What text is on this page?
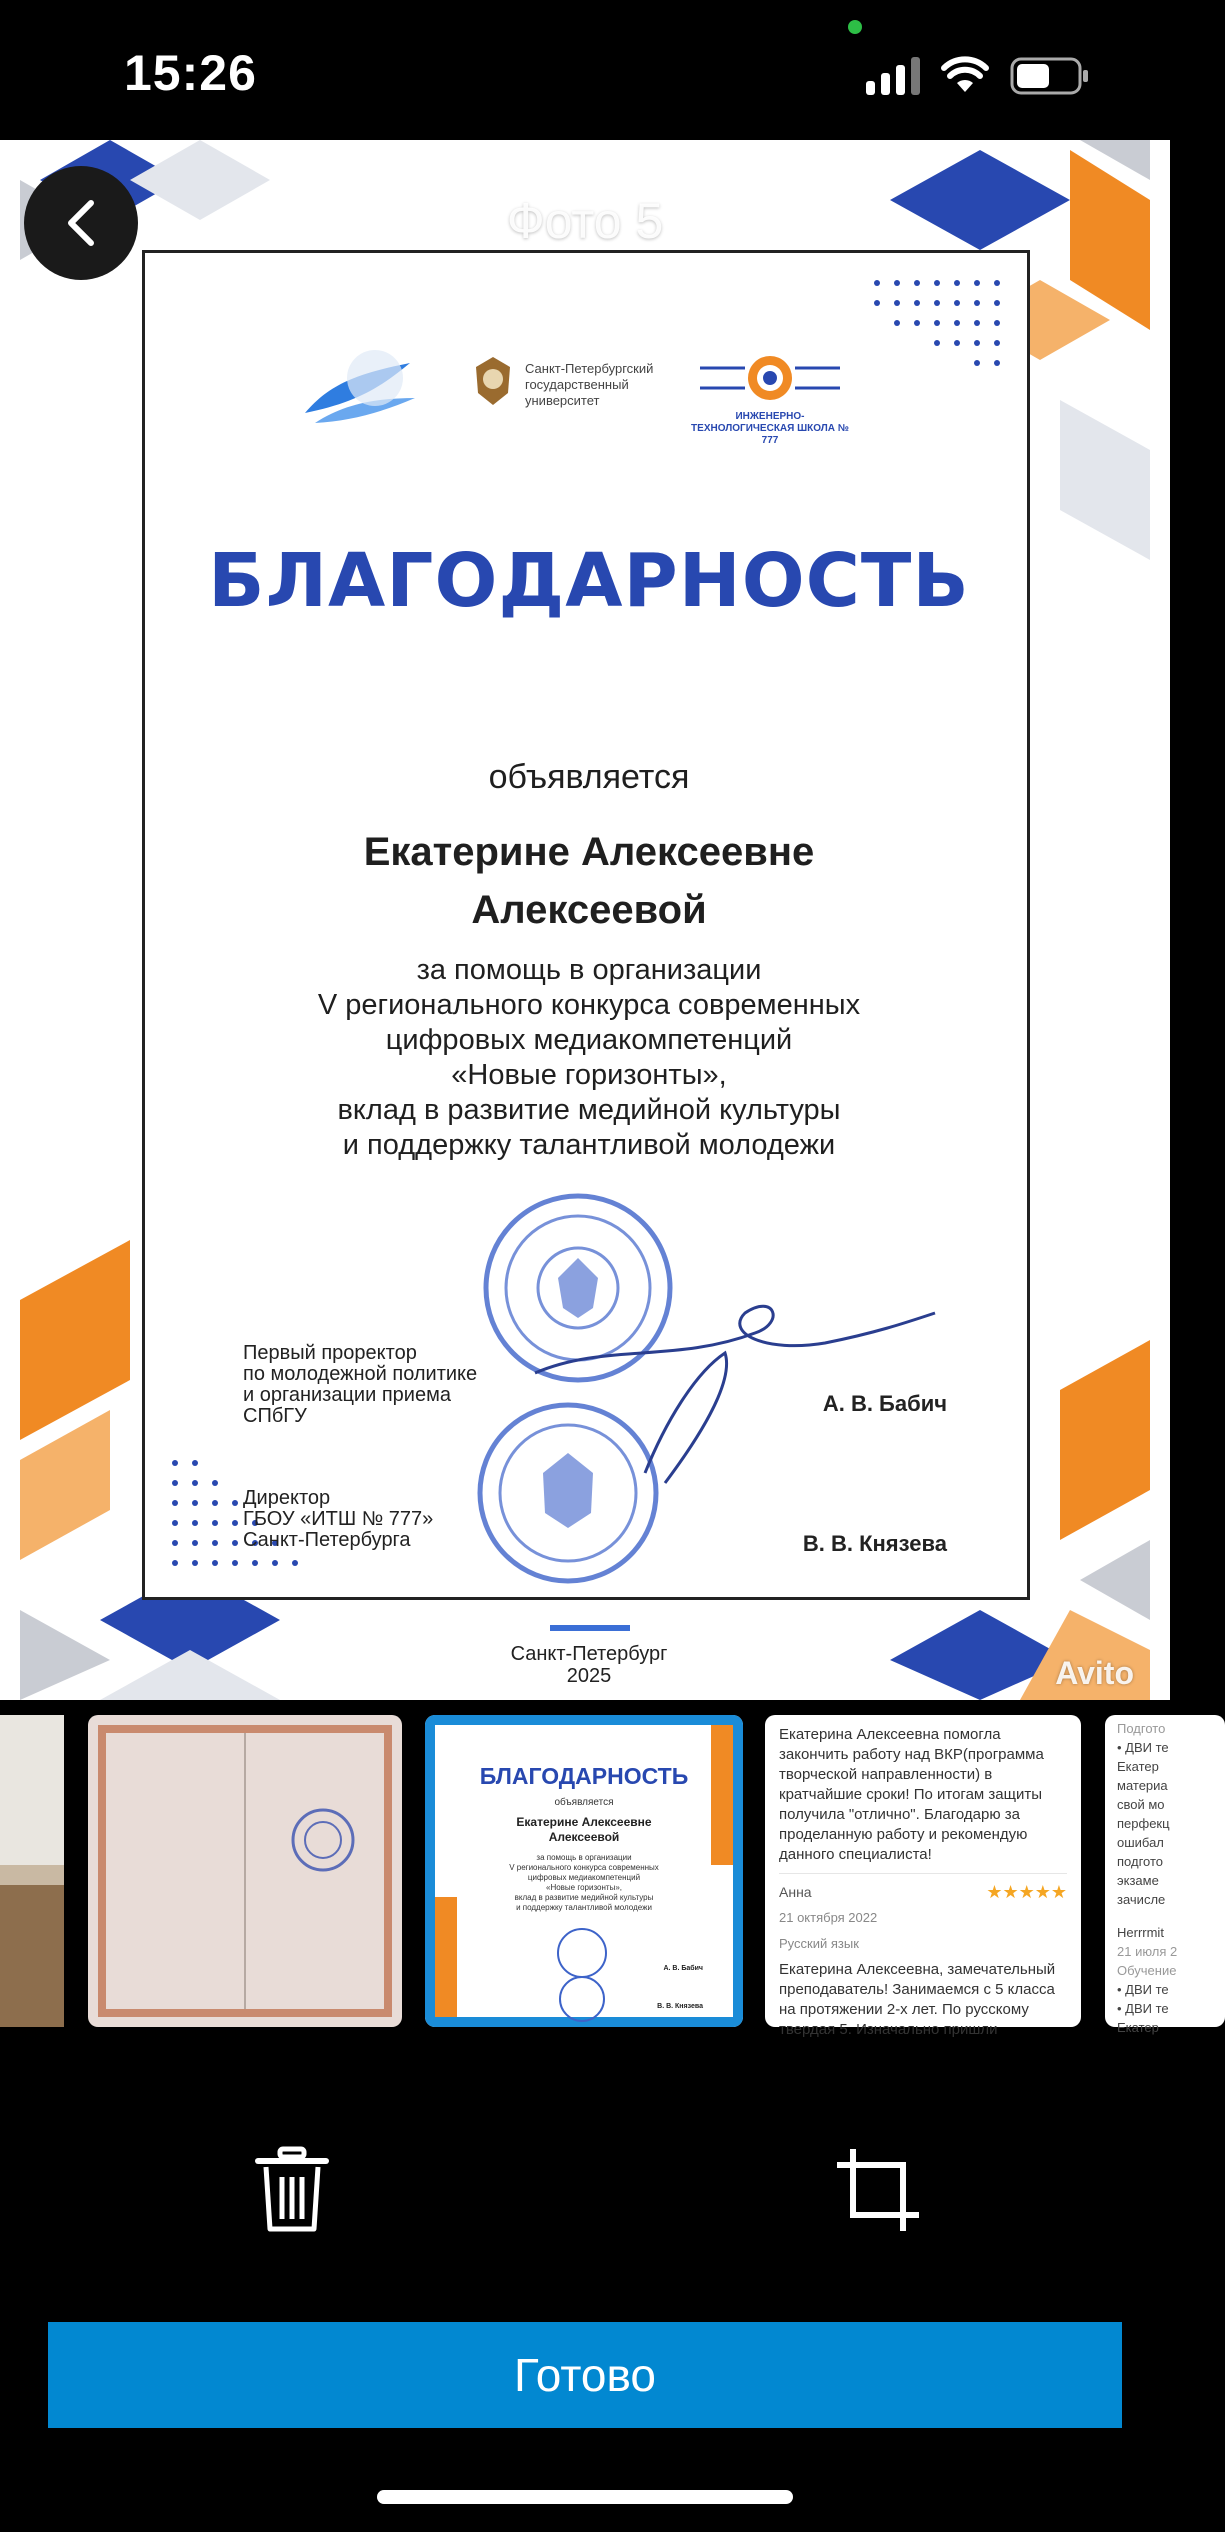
15:26
Санкт-Петербургский государственный университет
ИНЖЕНЕРНО-ТЕХНОЛОГИЧЕСКАЯ ШКОЛА № 777
БЛАГОДАРНОСТЬ
объявляется
Екатерине Алексеевне
Алексеевой
за помощь в организации
V регионального конкурса современных
цифровых медиакомпетенций
«Новые горизонты»,
вклад в развитие медийной культуры
и поддержку талантливой молодежи
Первый проректор
по молодежной политике
и организации приема
СПбГУ	А. В. Бабич
Директор
ГБОУ «ИТШ № 777»
Санкт-Петербурга	В. В. Князева
Санкт-Петербург
2025	Avito
Фото 5
БЛАГОДАРНОСТЬ
объявляется
Екатерине Алексеевне Алексеевой
за помощь в организации
V регионального конкурса современных
цифровых медиакомпетенций
«Новые горизонты»,
вклад в развитие медийной культуры
и поддержку талантливой молодежи
А. В. Бабич
В. В. Князева
Екатерина Алексеевна помогла закончить работу над ВКР(программа творческой направленности) в кратчайшие сроки! По итогам защиты получила "отлично". Благодарю за проделанную работу и рекомендую данного специалиста!
Анна	★★★★★
21 октября 2022
Русский язык
Екатерина Алексеевна, замечательный преподаватель! Занимаемся с 5 класса на протяжении 2-х лет. По русскому твердая 5. Изначально пришли
Подгото
• ДВИ те
Екатер
материа
свой мо
перфекц
ошибал
подгото
экзаме
зачисле
Herrrmit
21 июля 2
Обучение
• ДВИ те
• ДВИ те
Екатер
Готово
